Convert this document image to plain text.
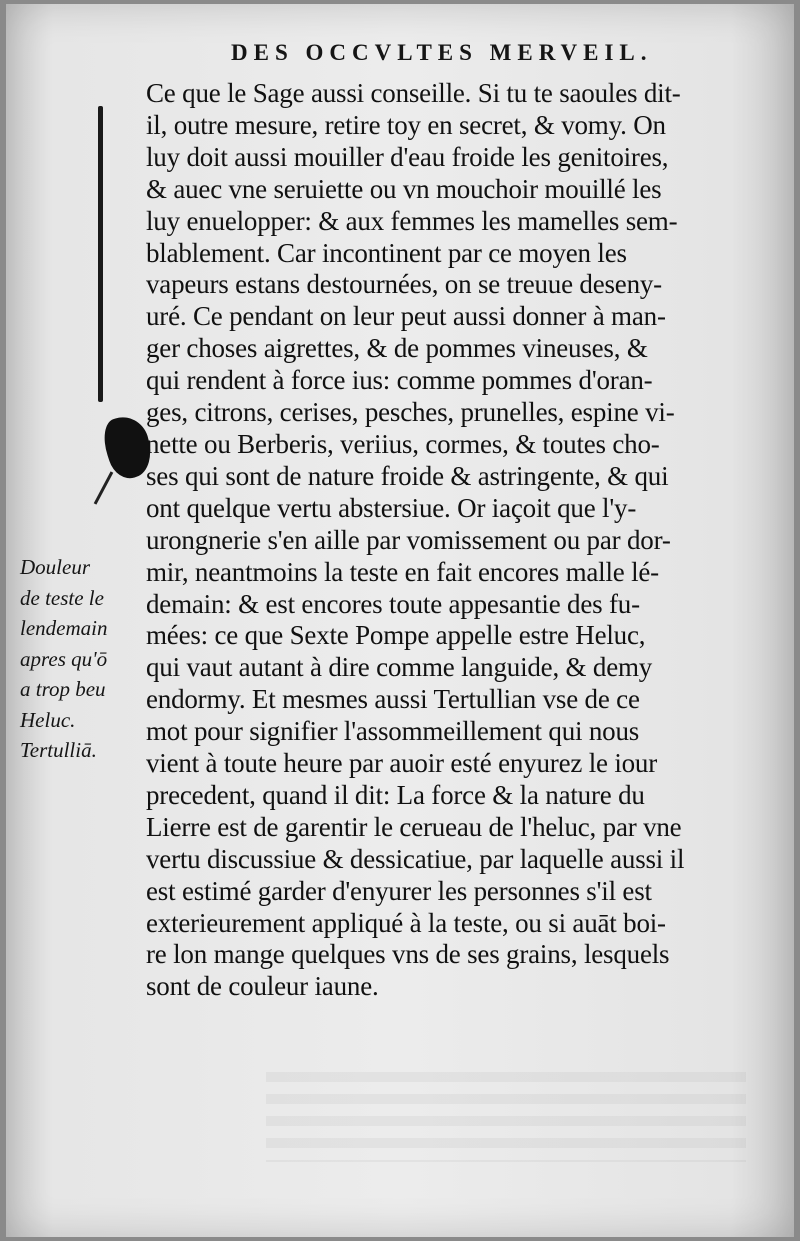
DES OCCVLTES MERVEIL.
Ce que le Sage aussi conseille. Si tu te saoules dit-
il, outre mesure, retire toy en secret, & vomy. On
luy doit aussi mouiller d'eau froide les genitoires,
& auec vne seruiette ou vn mouchoir mouillé les
luy enuelopper: & aux femmes les mamelles sem-
blablement. Car incontinent par ce moyen les
vapeurs estans destournées, on se treuue deseny-
uré. Ce pendant on leur peut aussi donner à man-
ger choses aigrettes, & de pommes vineuses, &
qui rendent à force ius: comme pommes d'oran-
ges, citrons, cerises, pesches, prunelles, espine vi-
nette ou Berberis, veriius, cormes, & toutes cho-
ses qui sont de nature froide & astringente, & qui
ont quelque vertu abstersiue. Or iaçoit que l'y-
urongnerie s'en aille par vomissement ou par dor-
mir, neantmoins la teste en fait encores malle lé-
demain: & est encores toute appesantie des fu-
mées: ce que Sexte Pompe appelle estre Heluc,
qui vaut autant à dire comme languide, & demy
endormy. Et mesmes aussi Tertullian vse de ce
mot pour signifier l'assommeillement qui nous
vient à toute heure par auoir esté enyurez le iour
precedent, quand il dit: La force & la nature du
Lierre est de garentir le cerueau de l'heluc, par vne
vertu discussiue & dessicatiue, par laquelle aussi il
est estimé garder d'enyurer les personnes s'il est
exterieurement appliqué à la teste, ou si auāt boi-
re lon mange quelques vns de ses grains, lesquels
sont de couleur iaune.
Douleur
de teste le
lendemain
apres qu'ō
a trop beu
Heluc.
Tertulliā.
